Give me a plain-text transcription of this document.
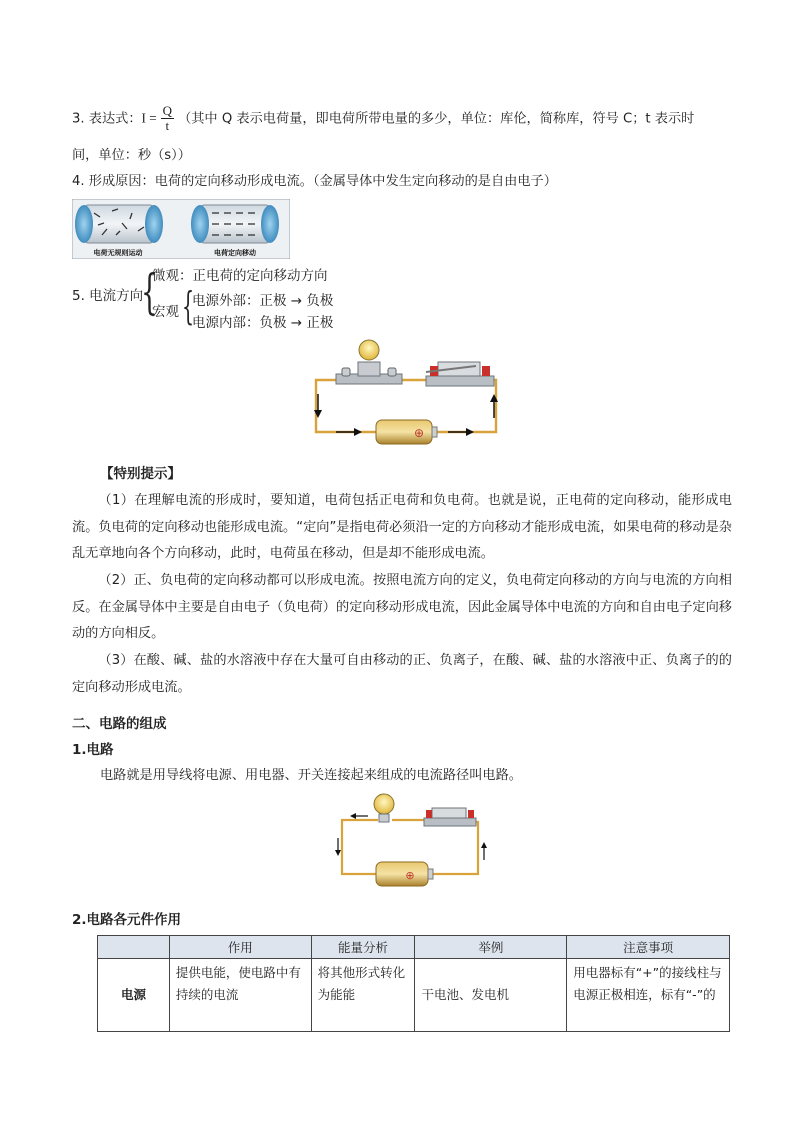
3. 表达式：$I = \frac{Q}{t}$ （其中 Q 表示电荷量，即电荷所带电量的多少，单位：库伦，简称库，符号 C；t 表示时
间，单位：秒（s））
4. 形成原因：电荷的定向移动形成电流。（金属导体中发生定向移动的是自由电子）
电荷无规则运动	电荷定向移动
5. 电流方向
{
微观：正电荷的定向移动方向
宏观 {
电源外部：正极 → 负极
电源内部：负极 → 正极
⊕
【特别提示】
（1）在理解电流的形成时，要知道，电荷包括正电荷和负电荷。也就是说，正电荷的定向移动，能形成电流。负电荷的定向移动也能形成电流。“定向”是指电荷必须沿一定的方向移动才能形成电流，如果电荷的移动是杂乱无章地向各个方向移动，此时，电荷虽在移动，但是却不能形成电流。
（2）正、负电荷的定向移动都可以形成电流。按照电流方向的定义，负电荷定向移动的方向与电流的方向相反。在金属导体中主要是自由电子（负电荷）的定向移动形成电流，因此金属导体中电流的方向和自由电子定向移动的方向相反。
（3）在酸、碱、盐的水溶液中存在大量可自由移动的正、负离子，在酸、碱、盐的水溶液中正、负离子的的定向移动形成电流。
二、电路的组成
1.电路
电路就是用导线将电源、用电器、开关连接起来组成的电流路径叫电路。
⊕
2.电路各元件作用
	作用	能量分析	举例	注意事项
电源	提供电能，使电路中有持续的电流	将其他形式转化为能能	干电池、发电机	用电器标有“+”的接线柱与电源正极相连，标有“-”的
